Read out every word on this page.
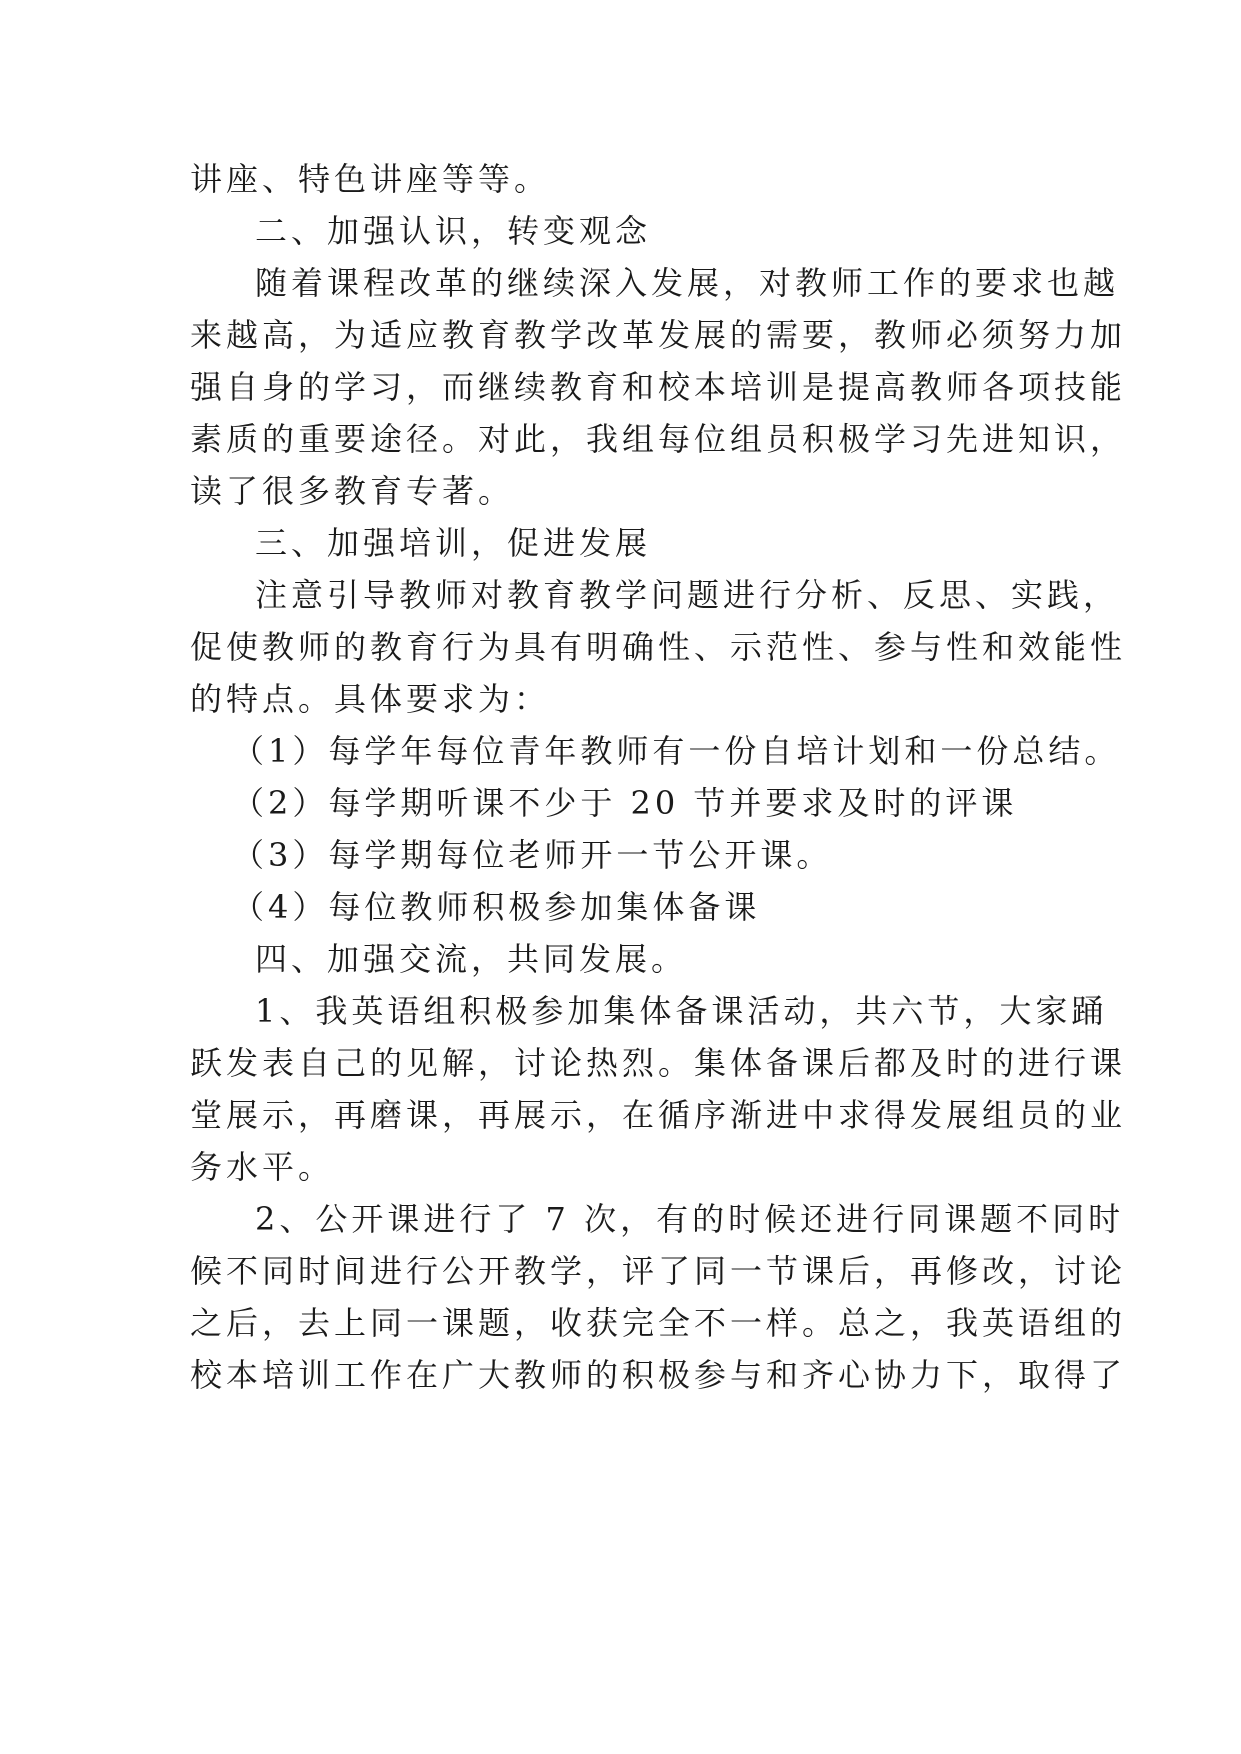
讲座、特色讲座等等。
二、加强认识，转变观念
随着课程改革的继续深入发展，对教师工作的要求也越
来越高，为适应教育教学改革发展的需要，教师必须努力加
强自身的学习，而继续教育和校本培训是提高教师各项技能
素质的重要途径。对此，我组每位组员积极学习先进知识，
读了很多教育专著。
三、加强培训，促进发展
注意引导教师对教育教学问题进行分析、反思、实践，
促使教师的教育行为具有明确性、示范性、参与性和效能性
的特点。具体要求为：
（1）每学年每位青年教师有一份自培计划和一份总结。
（2）每学期听课不少于 20 节并要求及时的评课
（3）每学期每位老师开一节公开课。
（4）每位教师积极参加集体备课
四、加强交流，共同发展。
1、我英语组积极参加集体备课活动，共六节，大家踊
跃发表自己的见解，讨论热烈。集体备课后都及时的进行课
堂展示，再磨课，再展示，在循序渐进中求得发展组员的业
务水平。
2、公开课进行了 7 次，有的时候还进行同课题不同时
候不同时间进行公开教学，评了同一节课后，再修改，讨论
之后，去上同一课题，收获完全不一样。总之，我英语组的
校本培训工作在广大教师的积极参与和齐心协力下，取得了
